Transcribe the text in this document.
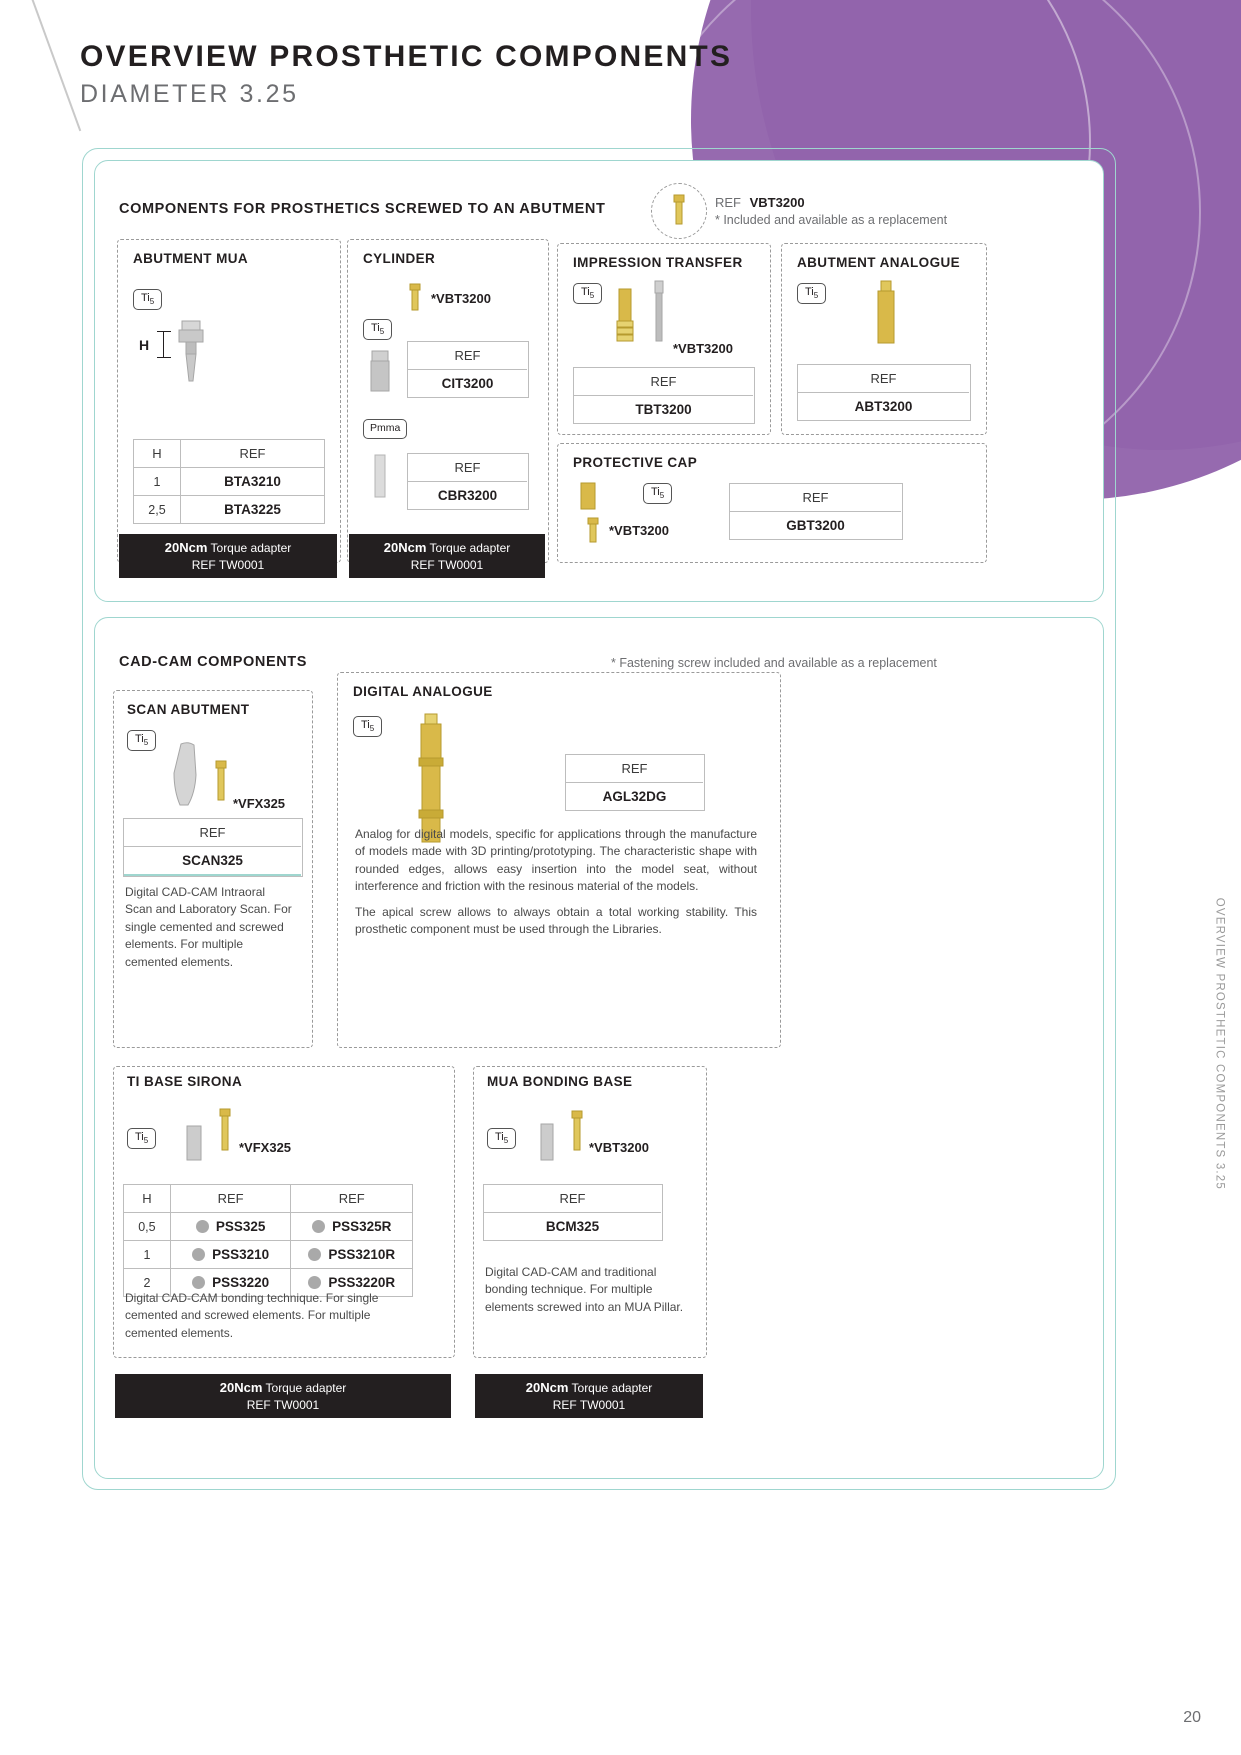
OVERVIEW PROSTHETIC COMPONENTS
DIAMETER 3.25
COMPONENTS FOR PROSTHETICS SCREWED TO AN ABUTMENT	REF VBT3200
* Included and available as a replacement
ABUTMENT MUA
$Ti_5$
H
H	REF
1	BTA3210
2,5	BTA3225
20Ncm Torque adapter
REF TW0001
CYLINDER
*VBT3200
$Ti_5$
REF
CIT3200
Pmma
REF
CBR3200
20Ncm Torque adapter
REF TW0001
IMPRESSION TRANSFER
$Ti_5$
*VBT3200
REF
TBT3200
ABUTMENT ANALOGUE
$Ti_5$
REF
ABT3200
PROTECTIVE CAP
$Ti_5$
*VBT3200
REF
GBT3200
CAD-CAM COMPONENTS	* Fastening screw included and available as a replacement
SCAN ABUTMENT
$Ti_5$
*VFX325
REF
SCAN325
Digital CAD-CAM Intraoral Scan and Laboratory Scan. For single cemented and screwed elements. For multiple cemented elements.
DIGITAL ANALOGUE
$Ti_5$
REF
AGL32DG
Analog for digital models, specific for applications through the manufacture of models made with 3D printing/prototyping. The characteristic shape with rounded edges, allows easy insertion into the model seat, without interference and friction with the resinous material of the models.
The apical screw allows to always obtain a total working stability. This prosthetic component must be used through the Libraries.
TI BASE SIRONA
$Ti_5$	*VFX325
H	REF	REF
0,5	PSS325	PSS325R
1	PSS3210	PSS3210R
2	PSS3220	PSS3220R
Digital CAD-CAM bonding technique. For single cemented and screwed elements. For multiple cemented elements.
20Ncm Torque adapter
REF TW0001
MUA BONDING BASE
$Ti_5$	*VBT3200
REF
BCM325
Digital CAD-CAM and traditional bonding technique. For multiple elements screwed into an MUA Pillar.
20Ncm Torque adapter
REF TW0001
OVERVIEW PROSTHETIC COMPONENTS 3.25
20
